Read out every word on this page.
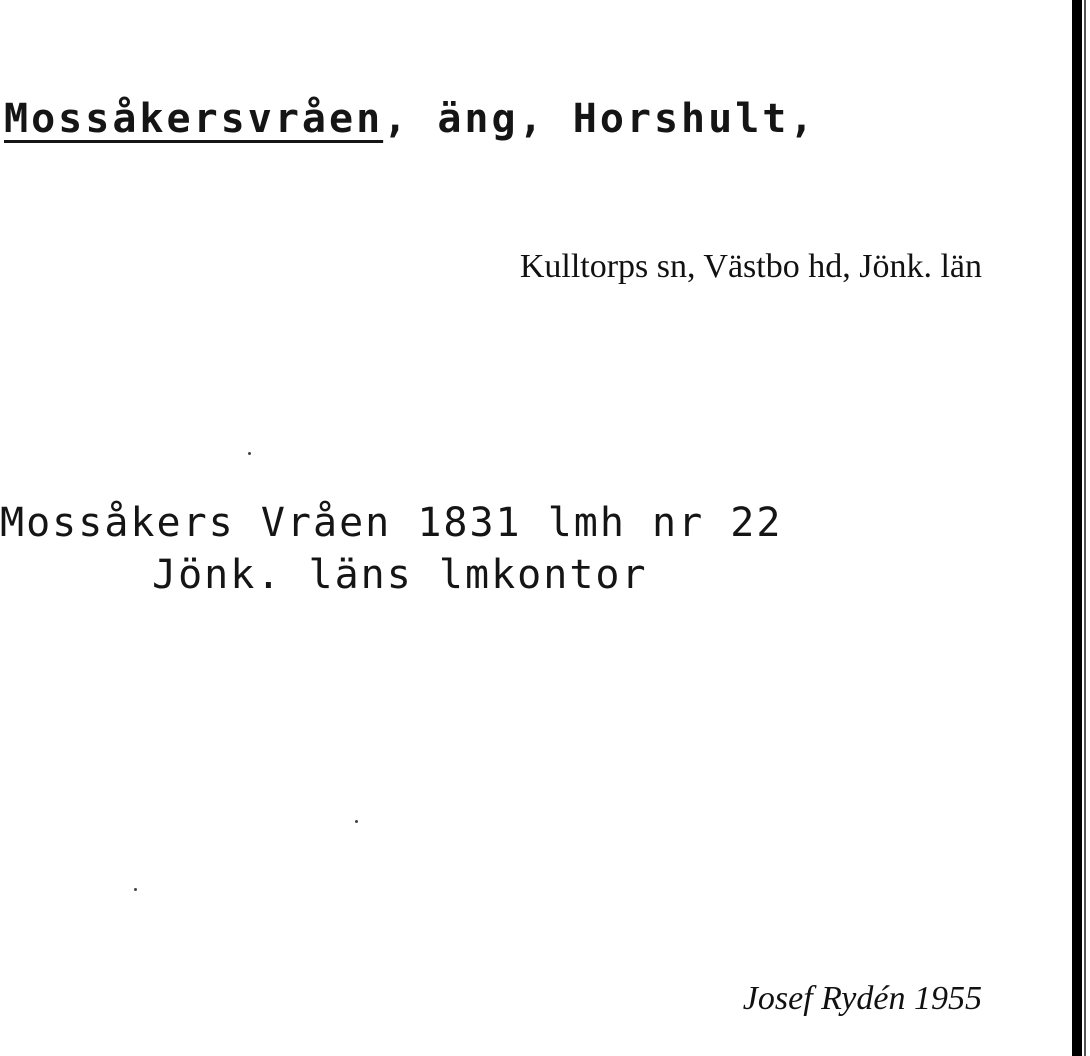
Mossåkersvråen, äng, Horshult,
Kulltorps sn, Västbo hd, Jönk. län
Mossåkers Vråen 1831 lmh nr 22
Jönk. läns lmkontor
Josef Rydén 1955
